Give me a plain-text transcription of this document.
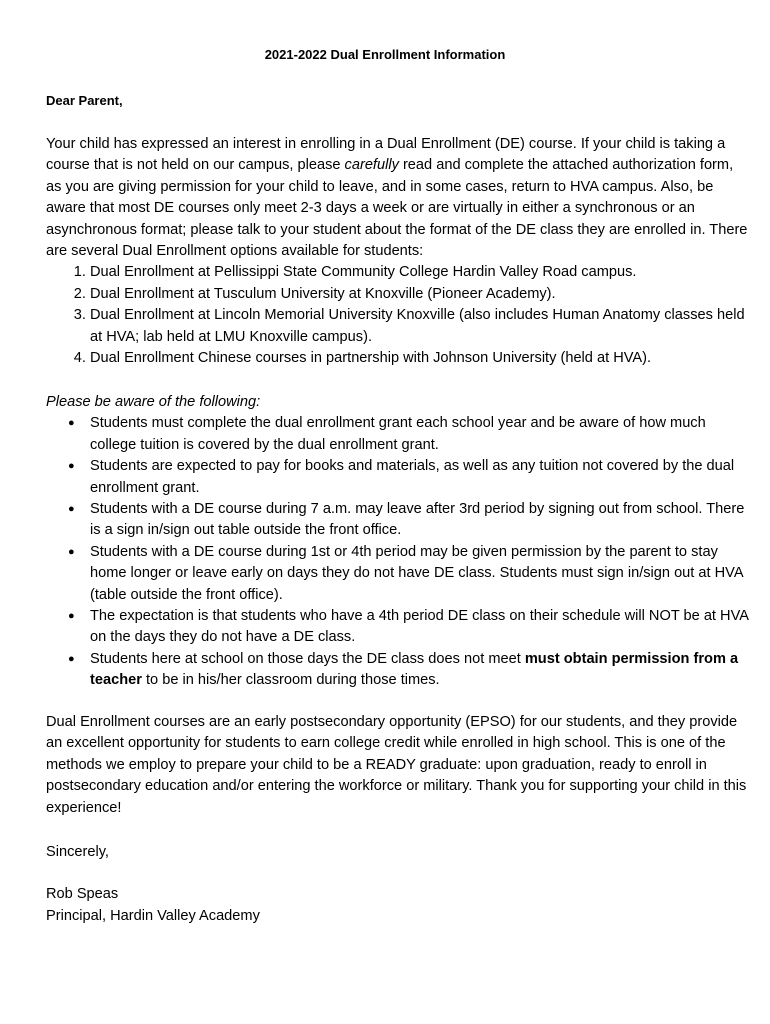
2021-2022 Dual Enrollment Information
Dear Parent,

Your child has expressed an interest in enrolling in a Dual Enrollment (DE) course. If your child is taking a course that is not held on our campus, please carefully read and complete the attached authorization form, as you are giving permission for your child to leave, and in some cases, return to HVA campus. Also, be aware that most DE courses only meet 2-3 days a week or are virtually in either a synchronous or an asynchronous format; please talk to your student about the format of the DE class they are enrolled in. There are several Dual Enrollment options available for students:

1. Dual Enrollment at Pellissippi State Community College Hardin Valley Road campus.
2. Dual Enrollment at Tusculum University at Knoxville (Pioneer Academy).
3. Dual Enrollment at Lincoln Memorial University Knoxville (also includes Human Anatomy classes held at HVA; lab held at LMU Knoxville campus).
4. Dual Enrollment Chinese courses in partnership with Johnson University (held at HVA).

Please be aware of the following:

● Students must complete the dual enrollment grant each school year and be aware of how much college tuition is covered by the dual enrollment grant.
● Students are expected to pay for books and materials, as well as any tuition not covered by the dual enrollment grant.
● Students with a DE course during 7 a.m. may leave after 3rd period by signing out from school. There is a sign in/sign out table outside the front office.
● Students with a DE course during 1st or 4th period may be given permission by the parent to stay home longer or leave early on days they do not have DE class. Students must sign in/sign out at HVA (table outside the front office).
● The expectation is that students who have a 4th period DE class on their schedule will NOT be at HVA on the days they do not have a DE class.
● Students here at school on those days the DE class does not meet must obtain permission from a teacher to be in his/her classroom during those times.

Dual Enrollment courses are an early postsecondary opportunity (EPSO) for our students, and they provide an excellent opportunity for students to earn college credit while enrolled in high school. This is one of the methods we employ to prepare your child to be a READY graduate: upon graduation, ready to enroll in postsecondary education and/or entering the workforce or military. Thank you for supporting your child in this experience!

Sincerely,
Rob Speas
Principal, Hardin Valley Academy
